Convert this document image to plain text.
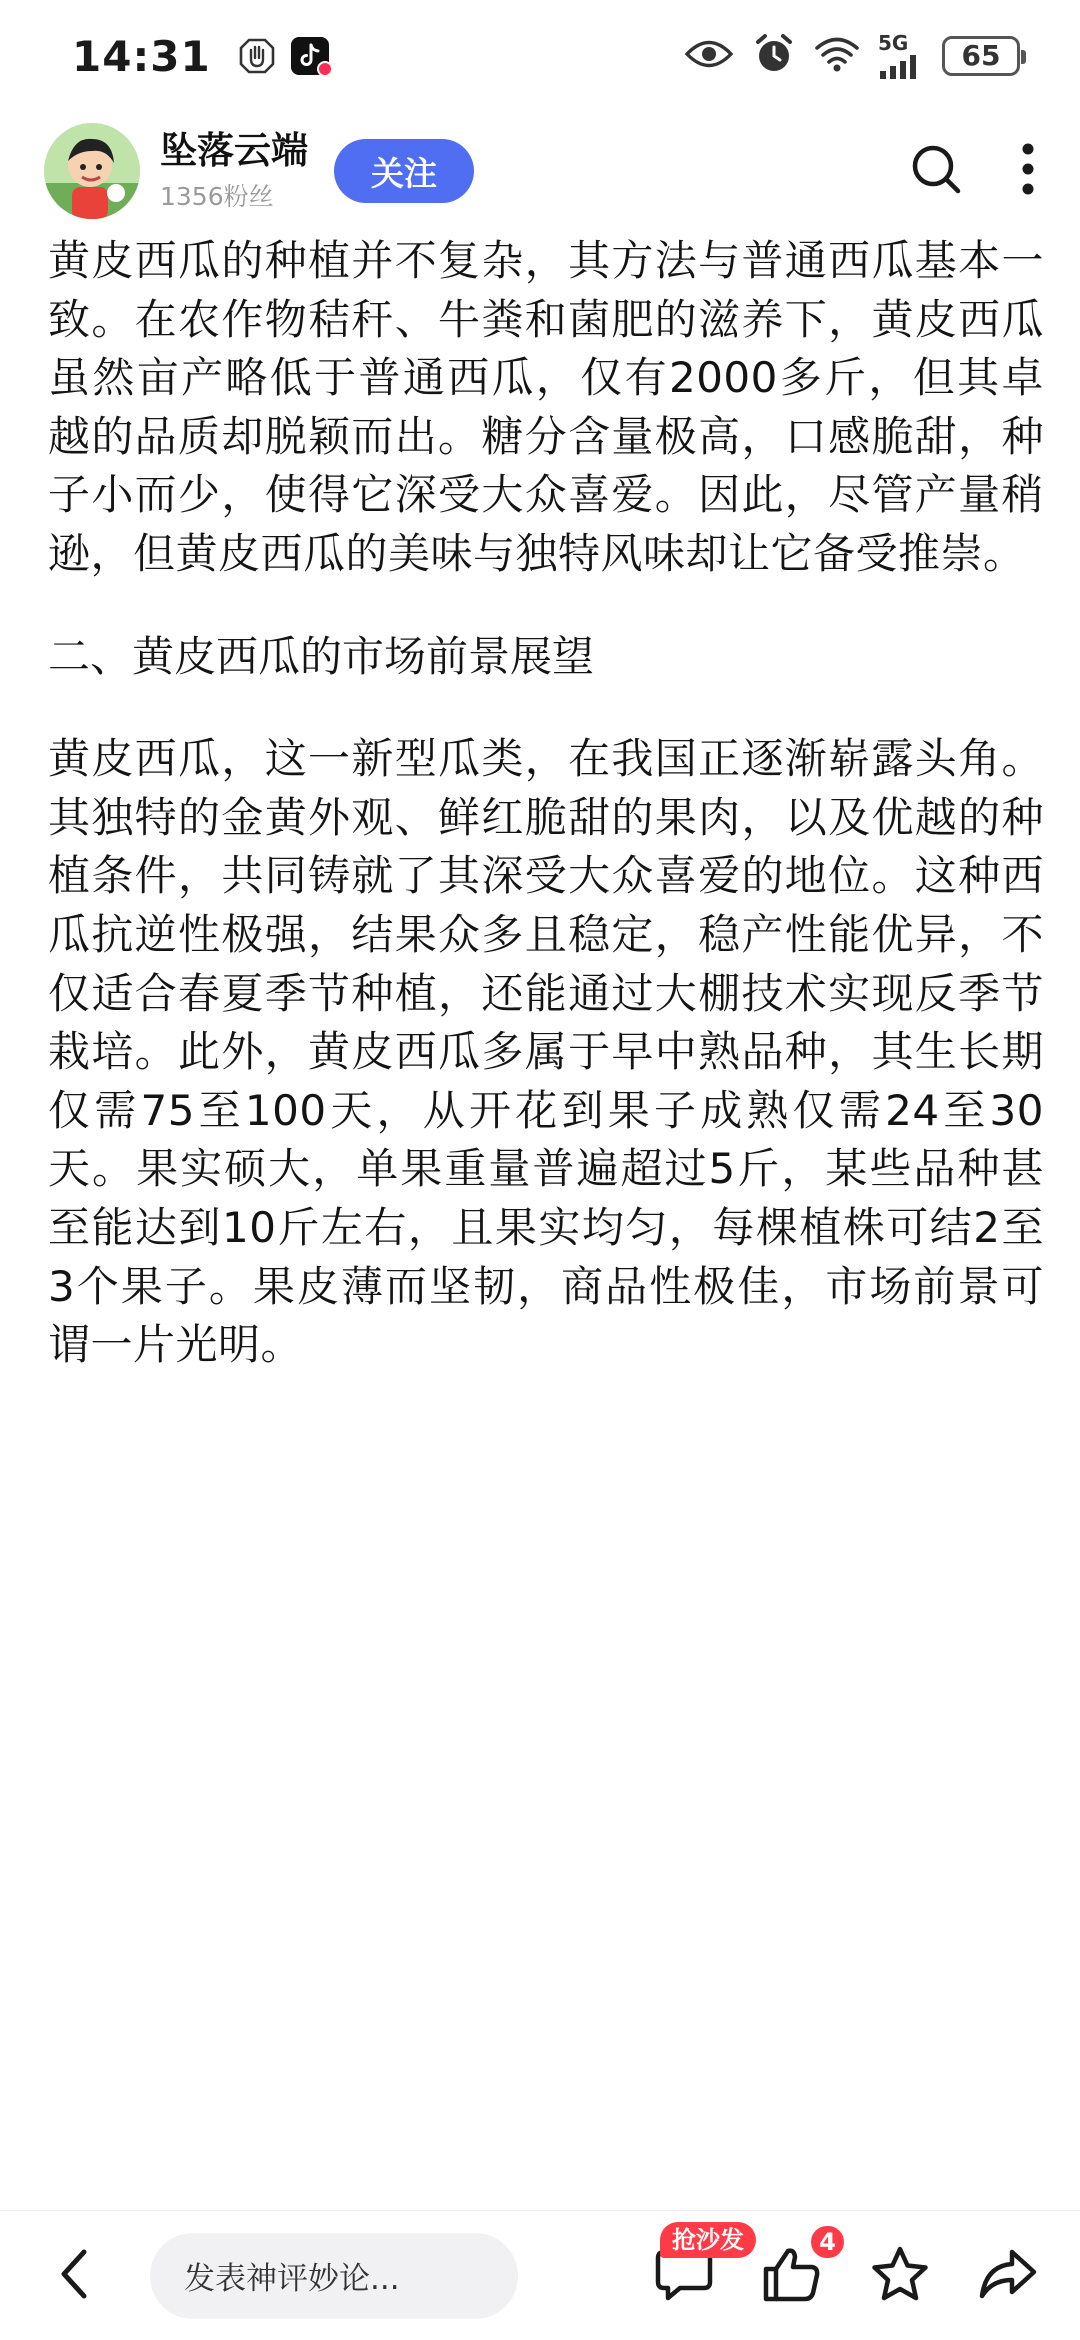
14:31	5G 65
坠落云端
1356粉丝
关注

黄皮西瓜的种植并不复杂，其方法与普通西瓜基本一致。在农作物秸秆、牛粪和菌肥的滋养下，黄皮西瓜虽然亩产略低于普通西瓜，仅有2000多斤，但其卓越的品质却脱颖而出。糖分含量极高，口感脆甜，种子小而少，使得它深受大众喜爱。因此，尽管产量稍逊，但黄皮西瓜的美味与独特风味却让它备受推崇。

二、黄皮西瓜的市场前景展望

黄皮西瓜，这一新型瓜类，在我国正逐渐崭露头角。其独特的金黄外观、鲜红脆甜的果肉，以及优越的种植条件，共同铸就了其深受大众喜爱的地位。这种西瓜抗逆性极强，结果众多且稳定，稳产性能优异，不仅适合春夏季节种植，还能通过大棚技术实现反季节栽培。此外，黄皮西瓜多属于早中熟品种，其生长期仅需75至100天，从开花到果子成熟仅需24至30天。果实硕大，单果重量普遍超过5斤，某些品种甚至能达到10斤左右，且果实均匀，每棵植株可结2至3个果子。果皮薄而坚韧，商品性极佳，市场前景可谓一片光明。

发表神评妙论...
抢沙发	4
